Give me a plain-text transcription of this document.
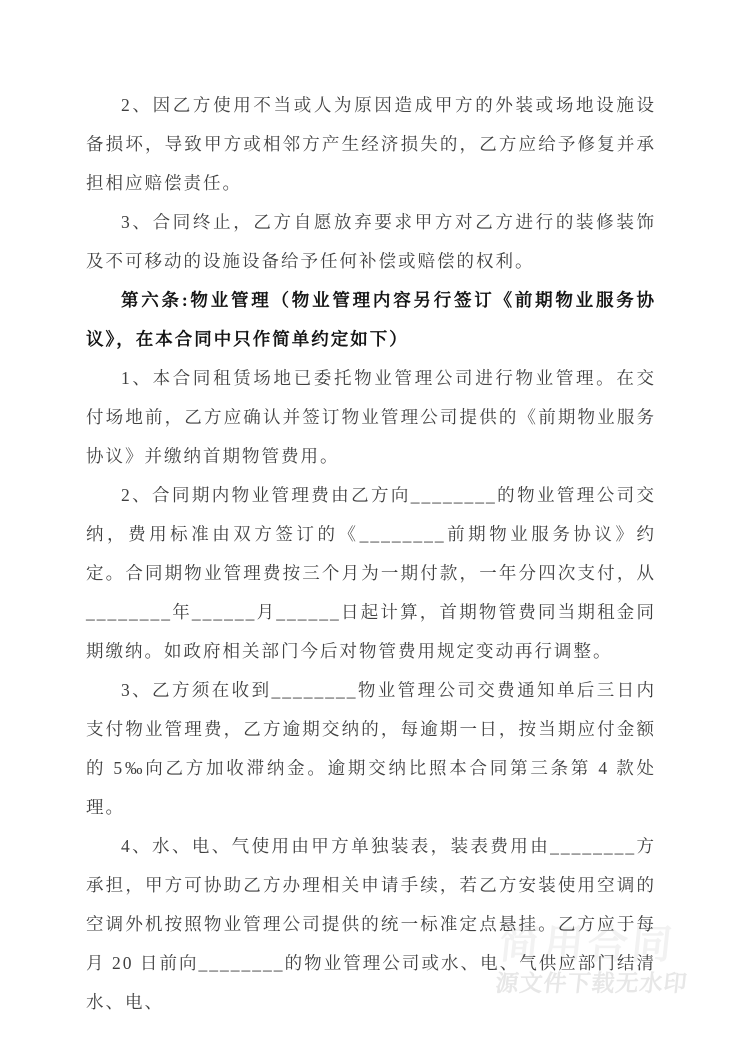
简用合同
源文件下载无水印

2、因乙方使用不当或人为原因造成甲方的外装或场地设施设备损坏，导致甲方或相邻方产生经济损失的，乙方应给予修复并承担相应赔偿责任。

3、合同终止，乙方自愿放弃要求甲方对乙方进行的装修装饰及不可移动的设施设备给予任何补偿或赔偿的权利。

第六条:物业管理（物业管理内容另行签订《前期物业服务协议》，在本合同中只作简单约定如下）

1、本合同租赁场地已委托物业管理公司进行物业管理。在交付场地前，乙方应确认并签订物业管理公司提供的《前期物业服务协议》并缴纳首期物管费用。

2、合同期内物业管理费由乙方向________的物业管理公司交纳，费用标准由双方签订的《________前期物业服务协议》约定。合同期物业管理费按三个月为一期付款，一年分四次支付，从________年______月______日起计算，首期物管费同当期租金同期缴纳。如政府相关部门今后对物管费用规定变动再行调整。

3、乙方须在收到________物业管理公司交费通知单后三日内支付物业管理费，乙方逾期交纳的，每逾期一日，按当期应付金额的 5‰向乙方加收滞纳金。逾期交纳比照本合同第三条第 4 款处理。

4、水、电、气使用由甲方单独装表，装表费用由________方承担，甲方可协助乙方办理相关申请手续，若乙方安装使用空调的空调外机按照物业管理公司提供的统一标准定点悬挂。乙方应于每月 20 日前向________的物业管理公司或水、电、气供应部门结清水、电、
